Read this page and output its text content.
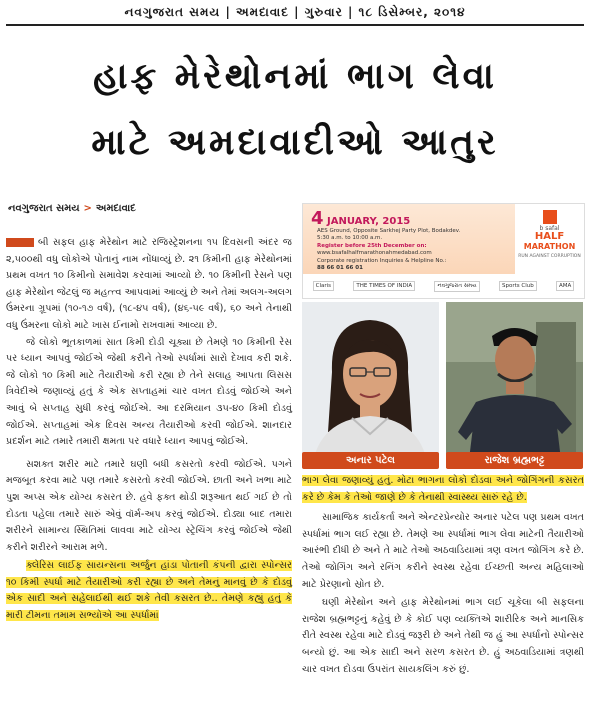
નવગુજરાત સમય | અમદાવાદ | ગુરુવાર | ૧૮ ડિસેમ્બર, ૨૦૧૪
હાફ મેરેથોનમાં ભાગ લેવા
માટે અમદાવાદીઓ આતુર
નવગુજરાત સમય > અમદાવાદ

બી સફલ હાફ મેરેથોન માટે રજિસ્ટ્રેશનના ૧૫ દિવસની અંદર જ ૨,૫૦૦થી વધુ લોકોએ પોતાનું નામ નોંધાવ્યું છે. ૨૧ કિમીની હાફ મેરેથોનમાં પ્રથમ વખત ૧૦ કિમીનો સમાવેશ કરવામાં આવ્યો છે. ૧૦ કિમીની રેસને પણ હાફ મેરેથોન જેટલું જ મહત્ત્વ આપવામાં આવ્યું છે અને તેમાં અલગ-અલગ ઉંમરના ગ્રૂપમાં (૧૦-૧૭ વર્ષ), (૧૮-૪૫ વર્ષ), (૪૬-૫૯ વર્ષ), ૬૦ અને તેનાથી વધુ ઉંમરના લોકો માટે ખાસ ઈનામો રાખવામાં આવ્યા છે.

જે લોકો ભૂતકાળમાં સાત કિમી દોડી ચૂક્યા છે તેમણે ૧૦ કિમીની રેસ પર ધ્યાન આપવું જોઈએ જેથી કરીને તેઓ સ્પર્ધામાં સારો દેખાવ કરી શકે. જે લોકો ૧૦ કિમી માટે તૈયારીઓ કરી રહ્યા છે તેને સલાહ આપતા લિસસ ત્રિવેદીએ જણાવ્યું હતું કે એક સપ્તાહમાં ચાર વખત દોડવું જોઈએ અને આવું બે સપ્તાહ સુધી કરવું જોઈએ. આ દરમિયાન ૩૫-૪૦ કિમી દોડવું જોઈએ. સપ્તાહમાં એક દિવસ અન્ય તૈયારીઓ કરવી જોઈએ. શાનદાર પ્રદર્શન માટે તમારે તમારી ક્ષમતા પર વધારે ધ્યાન આપવું જોઈએ.

સશક્ત શરીર માટે તમારે ઘણી બધી કસરતો કરવી જોઈએ. પગને મજબૂત કરવા માટે પણ તમારે કસરતો કરવી જોઈએ. છાતી અને ખભા માટે પુશ અપ્સ એક યોગ્ય કસરત છે. હવે ફક્ત થોડી શરૂઆત થઈ ગઈ છે તો દોડતા પહેલા તમારે સારું એવું વૉર્મ-અપ કરવું જોઈએ. દોડ્યા બાદ તમારા શરીરને સામાન્ય સ્થિતિમાં લાવવા માટે યોગ્ય સ્ટ્રેચિંગ કરવું જોઈએ જેથી કરીને શરીરને આરામ મળે.

ક્લેરિસ લાઈફ સાયન્સના અર્જુન હાંડા પોતાની કંપની દ્વારા સ્પોન્સર ૧૦ કિમી સ્પર્ધા માટે તૈયારીઓ કરી રહ્યા છે અને તેમનું માનવું છે કે દોડવું એક સાદી અને સહેલાઈથી થઈ શકે તેવી કસરત છે.. તેમણે કહ્યું હતું કે મારી ટીમના તમામ સભ્યોએ આ સ્પર્ધામાં

4 JANUARY, 2015
AES Ground, Opposite Sarkhej Party Plot, Bodakdev.
5:30 a.m. to 10:00 a.m.
Register before 25th December on:
www.bsafalhalfmarathonahmedabad.com
Corporate registration Inquiries & Helpline No.:
88 66 01 66 01
b safal
HALF
MARATHON
RUN AGAINST CORRUPTION
Claris	THE TIMES OF INDIA	નવગુજરાત સમય	Sports Club	AMA
અનાર પટેલ	રાજેશ બ્રહ્મભટ્ટ

ભાગ લેવા જણાવ્યું હતું. મોટા ભાગના લોકો દોડવા અને જોગિંગની કસરત કરે છે કેમ કે તેઓ જાણે છે કે તેનાથી સ્વાસ્થ્ય સારું રહે છે.

સામાજિક કાર્યકર્તા અને એન્ટરપ્રેન્યોર અનાર પટેલ પણ પ્રથમ વખત સ્પર્ધામાં ભાગ લઈ રહ્યા છે. તેમણે આ સ્પર્ધામાં ભાગ લેવા માટેની તૈયારીઓ આરંભી દીધી છે અને તે માટે તેઓ અઠવાડિયામાં ત્રણ વખત જોગિંગ કરે છે. તેઓ જોગિંગ અને રનિંગ કરીને સ્વસ્થ રહેવા ઈચ્છતી અન્ય મહિલાઓ માટે પ્રેરણાનો સ્રોત છે.

ઘણી મેરેથોન અને હાફ મેરેથોનમાં ભાગ લઈ ચૂકેલા બી સફલના રાજેશ બ્રહ્મભટ્ટનું કહેવું છે કે કોઈ પણ વ્યક્તિએ શારીરિક અને માનસિક રીતે સ્વસ્થ રહેવા માટે દોડવું જરૂરી છે અને તેથી જ હું આ સ્પર્ધાનો સ્પોન્સર બન્યો છું. આ એક સાદી અને સરળ કસરત છે. હું અઠવાડિયામાં ત્રણથી ચાર વખત દોડવા ઉપરાંત સાયકલિંગ કરું છું.
